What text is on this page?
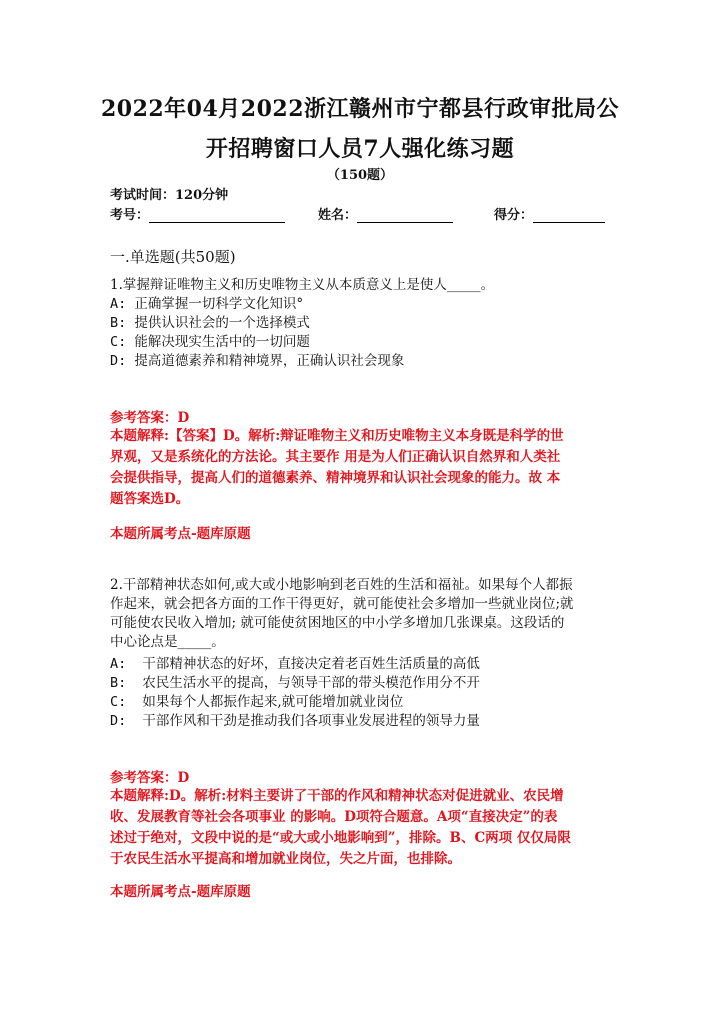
2022年04月2022浙江赣州市宁都县行政审批局公
开招聘窗口人员7人强化练习题
（150题）
考试时间：120分钟
考号：	姓名：	得分：
一.单选题(共50题)
1.掌握辩证唯物主义和历史唯物主义从本质意义上是使人_____。
A: 正确掌握一切科学文化知识°
B: 提供认识社会的一个选择模式
C: 能解决现实生活中的一切问题
D: 提高道德素养和精神境界，正确认识社会现象
参考答案：D
本题解释:【答案】D。解析:辩证唯物主义和历史唯物主义本身既是科学的世
界观，又是系统化的方法论。其主要作 用是为人们正确认识自然界和人类社
会提供指导，提高人们的道德素养、精神境界和认识社会现象的能力。故 本
题答案选D。
本题所属考点-题库原题
2.干部精神状态如何,或大或小地影响到老百姓的生活和福祉。如果每个人都振
作起来，就会把各方面的工作干得更好，就可能使社会多增加一些就业岗位;就
可能使农民收入增加; 就可能使贫困地区的中小学多增加几张课桌。这段话的
中心论点是_____。
A: 干部精神状态的好坏，直接决定着老百姓生活质量的高低
B: 农民生活水平的提高，与领导干部的带头模范作用分不开
C: 如果每个人都振作起来,就可能增加就业岗位
D: 干部作风和干劲是推动我们各项事业发展进程的领导力量
参考答案：D
本题解释:D。解析:材料主要讲了干部的作风和精神状态对促进就业、农民增
收、发展教育等社会各项事业 的影响。D项符合题意。A项“直接决定”的表
述过于绝对，文段中说的是“或大或小地影响到”，排除。B、C两项 仅仅局限
于农民生活水平提高和增加就业岗位，失之片面，也排除。
本题所属考点-题库原题
